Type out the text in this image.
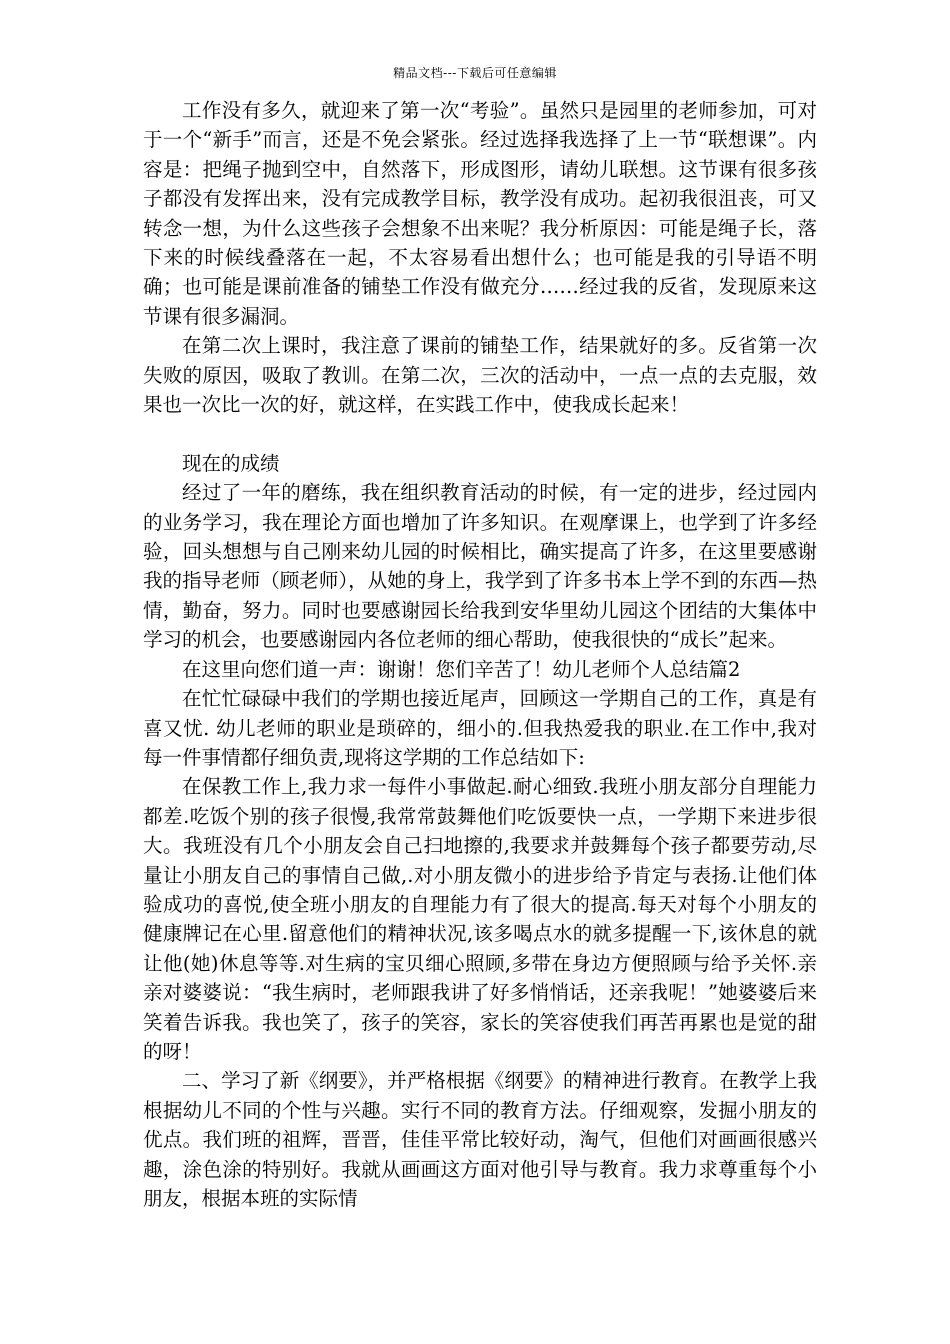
精品文档---下载后可任意编辑

工作没有多久，就迎来了第一次“考验”。虽然只是园里的老师参加，可对于一个“新手”而言，还是不免会紧张。经过选择我选择了上一节“联想课”。内容是：把绳子抛到空中，自然落下，形成图形，请幼儿联想。这节课有很多孩子都没有发挥出来，没有完成教学目标，教学没有成功。起初我很沮丧，可又转念一想，为什么这些孩子会想象不出来呢？我分析原因：可能是绳子长，落下来的时候线叠落在一起，不太容易看出想什么；也可能是我的引导语不明确；也可能是课前准备的铺垫工作没有做充分……经过我的反省，发现原来这节课有很多漏洞。

在第二次上课时，我注意了课前的铺垫工作，结果就好的多。反省第一次失败的原因，吸取了教训。在第二次，三次的活动中，一点一点的去克服，效果也一次比一次的好，就这样，在实践工作中，使我成长起来！

现在的成绩

经过了一年的磨练，我在组织教育活动的时候，有一定的进步，经过园内的业务学习，我在理论方面也增加了许多知识。在观摩课上，也学到了许多经验，回头想想与自己刚来幼儿园的时候相比，确实提高了许多，在这里要感谢我的指导老师（顾老师），从她的身上，我学到了许多书本上学不到的东西—热情，勤奋，努力。同时也要感谢园长给我到安华里幼儿园这个团结的大集体中学习的机会，也要感谢园内各位老师的细心帮助，使我很快的“成长”起来。

在这里向您们道一声：谢谢！您们辛苦了！幼儿老师个人总结篇2

在忙忙碌碌中我们的学期也接近尾声，回顾这一学期自己的工作，真是有喜又忧. 幼儿老师的职业是琐碎的，细小的.但我热爱我的职业.在工作中,我对每一件事情都仔细负责,现将这学期的工作总结如下:

在保教工作上,我力求一每件小事做起.耐心细致.我班小朋友部分自理能力都差.吃饭个别的孩子很慢,我常常鼓舞他们吃饭要快一点，一学期下来进步很大。我班没有几个小朋友会自己扫地擦的,我要求并鼓舞每个孩子都要劳动,尽量让小朋友自己的事情自己做,.对小朋友微小的进步给予肯定与表扬.让他们体验成功的喜悦,使全班小朋友的自理能力有了很大的提高.每天对每个小朋友的健康牌记在心里.留意他们的精神状况,该多喝点水的就多提醒一下,该休息的就让他(她)休息等等.对生病的宝贝细心照顾,多带在身边方便照顾与给予关怀.亲亲对婆婆说：“我生病时，老师跟我讲了好多悄悄话，还亲我呢！”她婆婆后来笑着告诉我。我也笑了，孩子的笑容，家长的笑容使我们再苦再累也是觉的甜的呀！

二、学习了新《纲要》，并严格根据《纲要》的精神进行教育。在教学上我根据幼儿不同的个性与兴趣。实行不同的教育方法。仔细观察，发掘小朋友的优点。我们班的祖辉，晋晋，佳佳平常比较好动，淘气，但他们对画画很感兴趣，涂色涂的特别好。我就从画画这方面对他引导与教育。我力求尊重每个小朋友，根据本班的实际情
